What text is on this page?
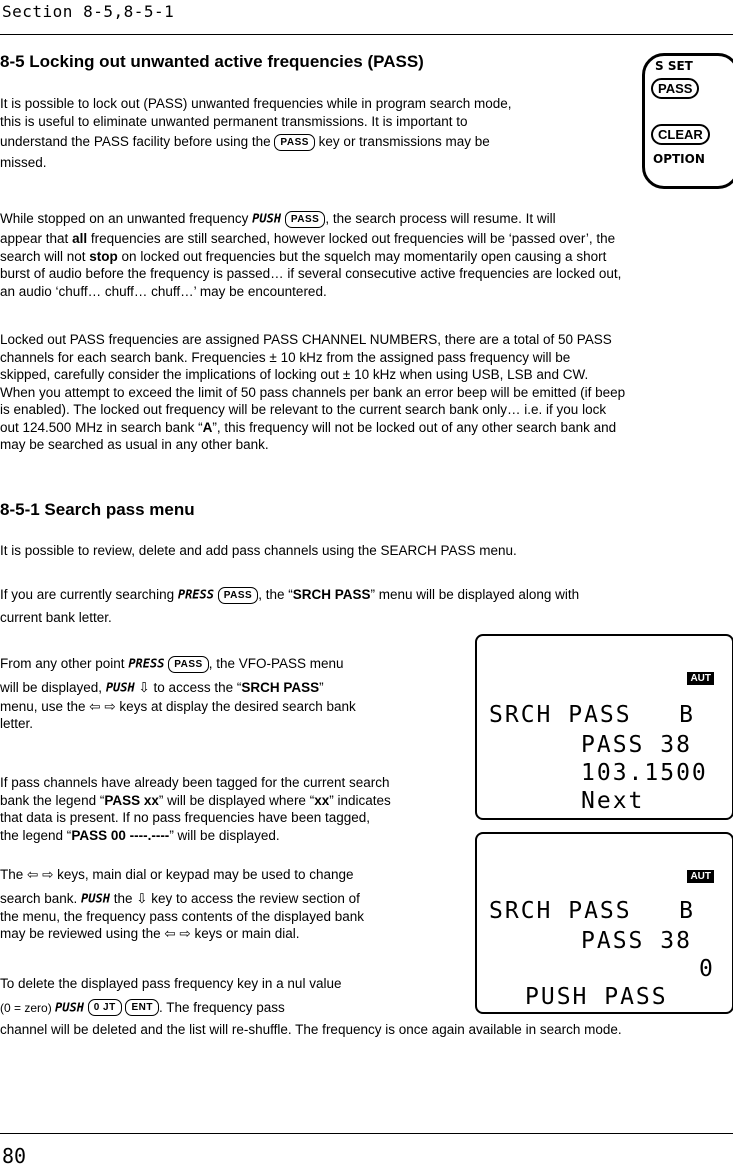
Section 8-5,8-5-1
S SET
PASS
CLEAR
OPTION
8-5 Locking out unwanted active frequencies (PASS)
It is possible to lock out (PASS) unwanted frequencies while in program search mode,
this is useful to eliminate unwanted permanent transmissions. It is important to
understand the PASS facility before using the PASS key or transmissions may be
missed.
While stopped on an unwanted frequency PUSH PASS , the search process will resume. It will
appear that all frequencies are still searched, however locked out frequencies will be ‘passed over’, the
search will not stop on locked out frequencies but the squelch may momentarily open causing a short
burst of audio before the frequency is passed… if several consecutive active frequencies are locked out,
an audio ‘chuff… chuff… chuff…’ may be encountered.
Locked out PASS frequencies are assigned PASS CHANNEL NUMBERS, there are a total of 50 PASS
channels for each search bank. Frequencies ± 10 kHz from the assigned pass frequency will be
skipped, carefully consider the implications of locking out ± 10 kHz when using USB, LSB and CW.
When you attempt to exceed the limit of 50 pass channels per bank an error beep will be emitted (if beep
is enabled). The locked out frequency will be relevant to the current search bank only… i.e. if you lock
out 124.500 MHz in search bank “A”, this frequency will not be locked out of any other search bank and
may be searched as usual in any other bank.
8-5-1 Search pass menu
It is possible to review, delete and add pass channels using the SEARCH PASS menu.
If you are currently searching PRESS PASS , the “SRCH PASS” menu will be displayed along with
current bank letter.
From any other point PRESS PASS , the VFO-PASS menu
will be displayed, PUSH ⇩ to access the “SRCH PASS”
menu, use the ⇦ ⇨ keys at display the desired search bank
letter.
If pass channels have already been tagged for the current search
bank the legend “PASS xx” will be displayed where “xx” indicates
that data is present. If no pass frequencies have been tagged,
the legend “PASS 00 ----.----” will be displayed.
The ⇦ ⇨ keys, main dial or keypad may be used to change
search bank. PUSH the ⇩ key to access the review section of
the menu, the frequency pass contents of the displayed bank
may be reviewed using the ⇦ ⇨ keys or main dial.
To delete the displayed pass frequency key in a nul value
(0 = zero) PUSH 0 JT ENT . The frequency pass
channel will be deleted and the list will re-shuffle. The frequency is once again available in search mode.
AUT
SRCH PASS   B
PASS 38
103.1500
Next
AUT
SRCH PASS   B
PASS 38
0
PUSH PASS
80
